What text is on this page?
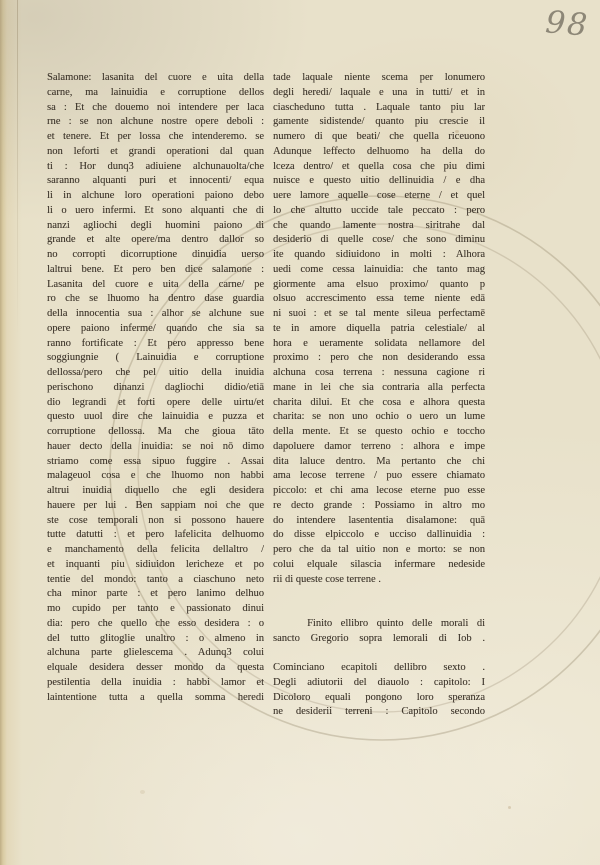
98
Salamone: lasanita del cuore e uita della
carne, ma lainuidia e corruptione dellos
sa : Et che douemo noi intendere per laca
rne : se non alchune nostre opere deboli :
et tenere. Et per lossa che intenderemo. se
non leforti et grandi operationi dal quan
ti : Hor dunq3 adiuiene alchunauolta/che
saranno alquanti puri et innocenti/ equa
li in alchune loro operationi paiono debo
li o uero infermi. Et sono alquanti che di
nanzi agliochi degli huomini paiono di
grande et alte opere/ma dentro dallor so
no corropti dicorruptione dinuidia uerso
laltrui bene. Et pero ben dice salamone :
Lasanita del cuore e uita della carne/ pe
ro che se lhuomo ha dentro dase guardia
della innocentia sua : alhor se alchune sue
opere paiono inferme/ quando che sia sa
ranno fortificate : Et pero appresso bene
soggiungnie ( Lainuidia e corruptione
dellossa/pero che pel uitio della inuidia
perischono dinanzi dagliochi didio/etiā
dio legrandi et forti opere delle uirtu/et
questo uuol dire che lainuidia e puzza et
corruptione dellossa. Ma che gioua tāto
hauer decto della inuidia: se noi nō dimo
striamo come essa sipuo fuggire . Assai
malageuol cosa e che lhuomo non habbi
altrui inuidia diquello che egli desidera
hauere per lui . Ben sappiam noi che que
ste cose temporali non si possono hauere
tutte datutti : et pero lafelicita delhuomo
e manchamento della felicita dellaltro /
et inquanti piu sidiuidon lericheze et po
tentie del mondo: tanto a ciaschuno neto
cha minor parte : et pero lanimo delhuo
mo cupido per tanto e passionato dinui
dia: pero che quello che esso desidera : o
del tutto glitoglie unaltro : o almeno in
alchuna parte glielescema . Adunq3 colui
elquale desidera desser mondo da questa
pestilentia della inuidia : habbi lamor et
laintentione tutta a quella somma heredi
tade laquale niente scema per lonumero
degli heredi/ laquale e una in tutti/ et in
ciascheduno tutta . Laquale tanto piu lar
gamente sidistende/ quanto piu crescie il
numero di que beati/ che quella riceuono
Adunque leffecto delhuomo ha della do
lceza dentro/ et quella cosa che piu dimi
nuisce e questo uitio dellinuidia / e dha
uere lamore aquelle cose eterne / et quel
lo che altutto uccide tale peccato : pero
che quando lamente nostra siritrahe dal
desiderio di quelle cose/ che sono diminu
ite quando sidiuidono in molti : Alhora
uedi come cessa lainuidia: che tanto mag
giormente ama elsuo proximo/ quanto p
olsuo accrescimento essa teme niente edā
ni suoi : et se tal mente sileua perfectamē
te in amore diquella patria celestiale/ al
hora e ueramente solidata nellamore del
proximo : pero che non desiderando essa
alchuna cosa terrena : nessuna cagione ri
mane in lei che sia contraria alla perfecta
charita dilui. Et che cosa e alhora questa
charita: se non uno ochio o uero un lume
della mente. Et se questo ochio e toccho
dapoluere damor terreno : alhora e impe
dita laluce dentro. Ma pertanto che chi
ama lecose terrene / puo essere chiamato
piccolo: et chi ama lecose eterne puo esse
re decto grande : Possiamo in altro mo
do intendere lasententia disalamone: quā
do disse elpiccolo e ucciso dallinuidia :
pero che da tal uitio non e morto: se non
colui elquale silascia infermare nedeside
rii di queste cose terrene .

Finito ellibro quinto delle morali di
sancto Gregorio sopra lemorali di Iob .

Cominciano ecapitoli dellibro sexto .
Degli adiutorii del diauolo : capitolo: I
Dicoloro equali pongono loro speranza
ne desiderii terreni : Capitolo secondo
